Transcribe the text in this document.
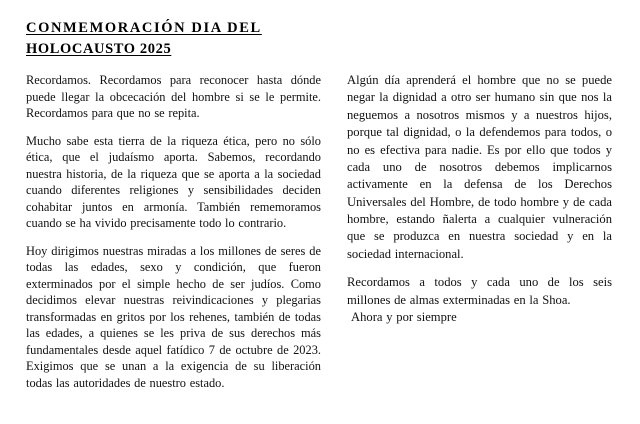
CONMEMORACIÓN DIA DEL
HOLOCAUSTO 2025

Recordamos. Recordamos para reconocer hasta dónde puede llegar la obcecación del hombre si se le permite. Recordamos para que no se repita.

Mucho sabe esta tierra de la riqueza ética, pero no sólo ética, que el judaísmo aporta. Sabemos, recordando nuestra historia, de la riqueza que se aporta a la sociedad cuando diferentes religiones y sensibilidades deciden cohabitar juntos en armonía. También rememoramos cuando se ha vivido precisamente todo lo contrario.

Hoy dirigimos nuestras miradas a los millones de seres de todas las edades, sexo y condición, que fueron exterminados por el simple hecho de ser judíos. Como decidimos elevar nuestras reivindicaciones y plegarias transformadas en gritos por los rehenes, también de todas las edades, a quienes se les priva de sus derechos más fundamentales desde aquel fatídico 7 de octubre de 2023. Exigimos que se unan a la exigencia de su liberación todas las autoridades de nuestro estado.

Algún día aprenderá el hombre que no se puede negar la dignidad a otro ser humano sin que nos la neguemos a nosotros mismos y a nuestros hijos, porque tal dignidad, o la defendemos para todos, o no es efectiva para nadie. Es por ello que todos y cada uno de nosotros debemos implicarnos activamente en la defensa de los Derechos Universales del Hombre, de todo hombre y de cada hombre, estando ñalerta a cualquier vulneración que se produzca en nuestra sociedad y en la sociedad internacional.

Recordamos a todos y cada uno de los seis millones de almas exterminadas en la Shoa.
Ahora y por siempre
